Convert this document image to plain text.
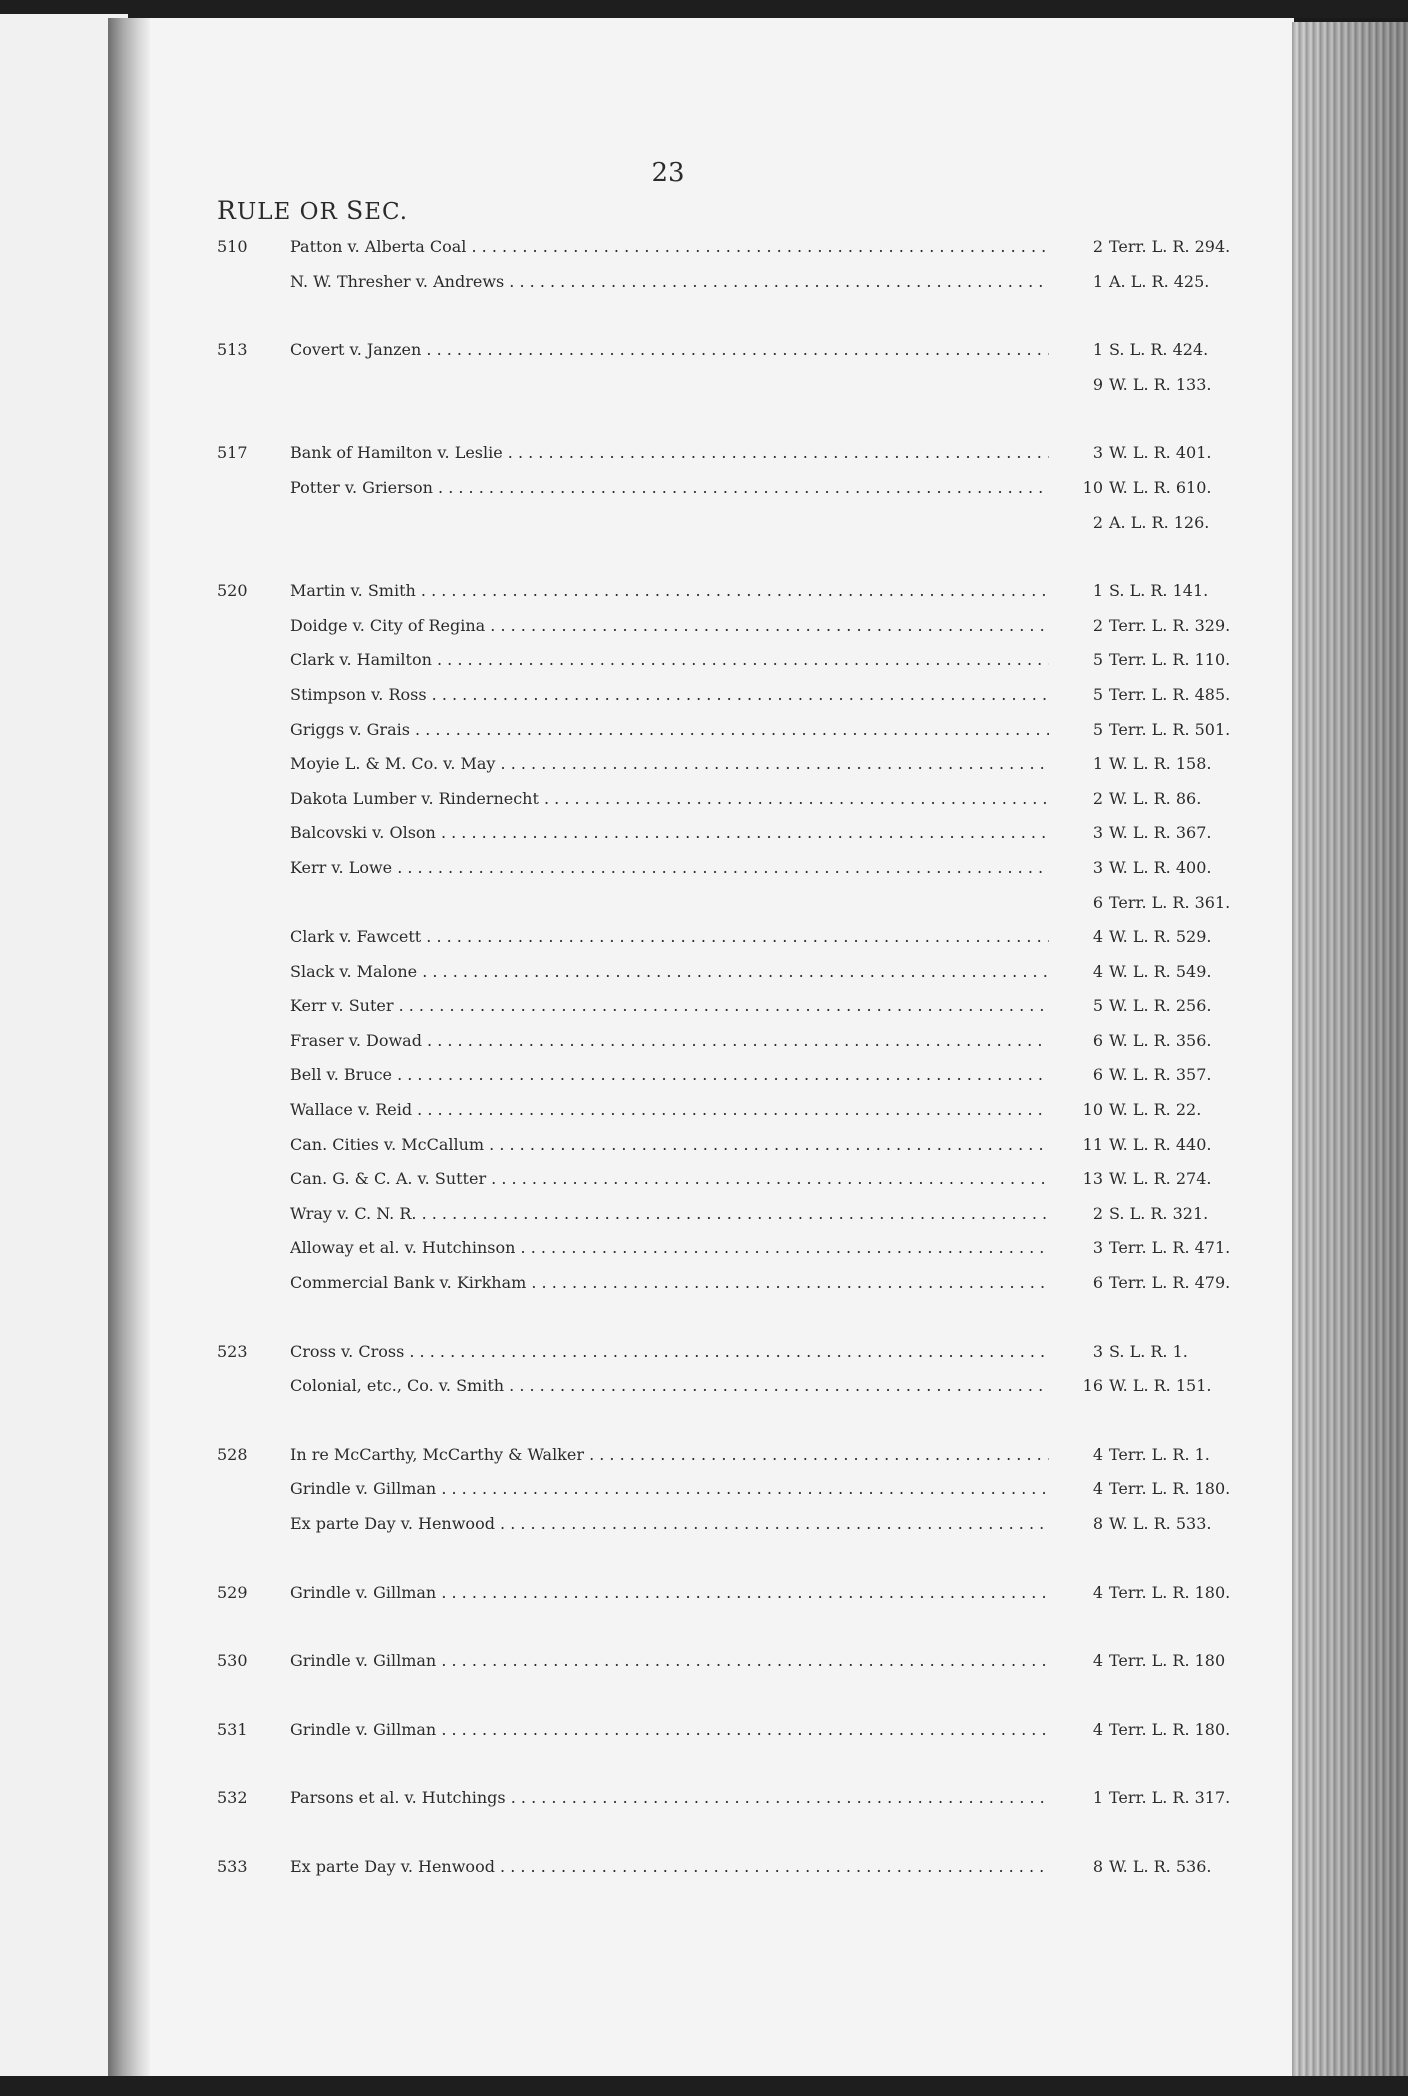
23
RULE OR SEC.
510	Patton v. Alberta Coal . . .	2 Terr. L. R. 294.
N. W. Thresher v. Andrews . . .	1 A. L. R. 425.
513	Covert v. Janzen . . .	1 S. L. R. 424.
9 W. L. R. 133.
517	Bank of Hamilton v. Leslie . . .	3 W. L. R. 401.
Potter v. Grierson . . .	10 W. L. R. 610.
2 A. L. R. 126.
520	Martin v. Smith . . .	1 S. L. R. 141.
Doidge v. City of Regina . . .	2 Terr. L. R. 329.
Clark v. Hamilton . . .	5 Terr. L. R. 110.
Stimpson v. Ross . . .	5 Terr. L. R. 485.
Griggs v. Grais . . .	5 Terr. L. R. 501.
Moyie L. & M. Co. v. May . . .	1 W. L. R. 158.
Dakota Lumber v. Rindernecht . . .	2 W. L. R. 86.
Balcovski v. Olson . . .	3 W. L. R. 367.
Kerr v. Lowe . . .	3 W. L. R. 400.
6 Terr. L. R. 361.
Clark v. Fawcett . . .	4 W. L. R. 529.
Slack v. Malone . . .	4 W. L. R. 549.
Kerr v. Suter . . .	5 W. L. R. 256.
Fraser v. Dowad . . .	6 W. L. R. 356.
Bell v. Bruce . . .	6 W. L. R. 357.
Wallace v. Reid . . .	10 W. L. R. 22.
Can. Cities v. McCallum . . .	11 W. L. R. 440.
Can. G. & C. A. v. Sutter . . .	13 W. L. R. 274.
Wray v. C. N. R. . . .	2 S. L. R. 321.
Alloway et al. v. Hutchinson . . .	3 Terr. L. R. 471.
Commercial Bank v. Kirkham . . .	6 Terr. L. R. 479.
523	Cross v. Cross . . .	3 S. L. R. 1.
Colonial, etc., Co. v. Smith . . .	16 W. L. R. 151.
528	In re McCarthy, McCarthy & Walker . . .	4 Terr. L. R. 1.
Grindle v. Gillman . . .	4 Terr. L. R. 180.
Ex parte Day v. Henwood . . .	8 W. L. R. 533.
529	Grindle v. Gillman . . .	4 Terr. L. R. 180.
530	Grindle v. Gillman . . .	4 Terr. L. R. 180
531	Grindle v. Gillman . . .	4 Terr. L. R. 180.
532	Parsons et al. v. Hutchings . . .	1 Terr. L. R. 317.
533	Ex parte Day v. Henwood . . .	8 W. L. R. 536.
